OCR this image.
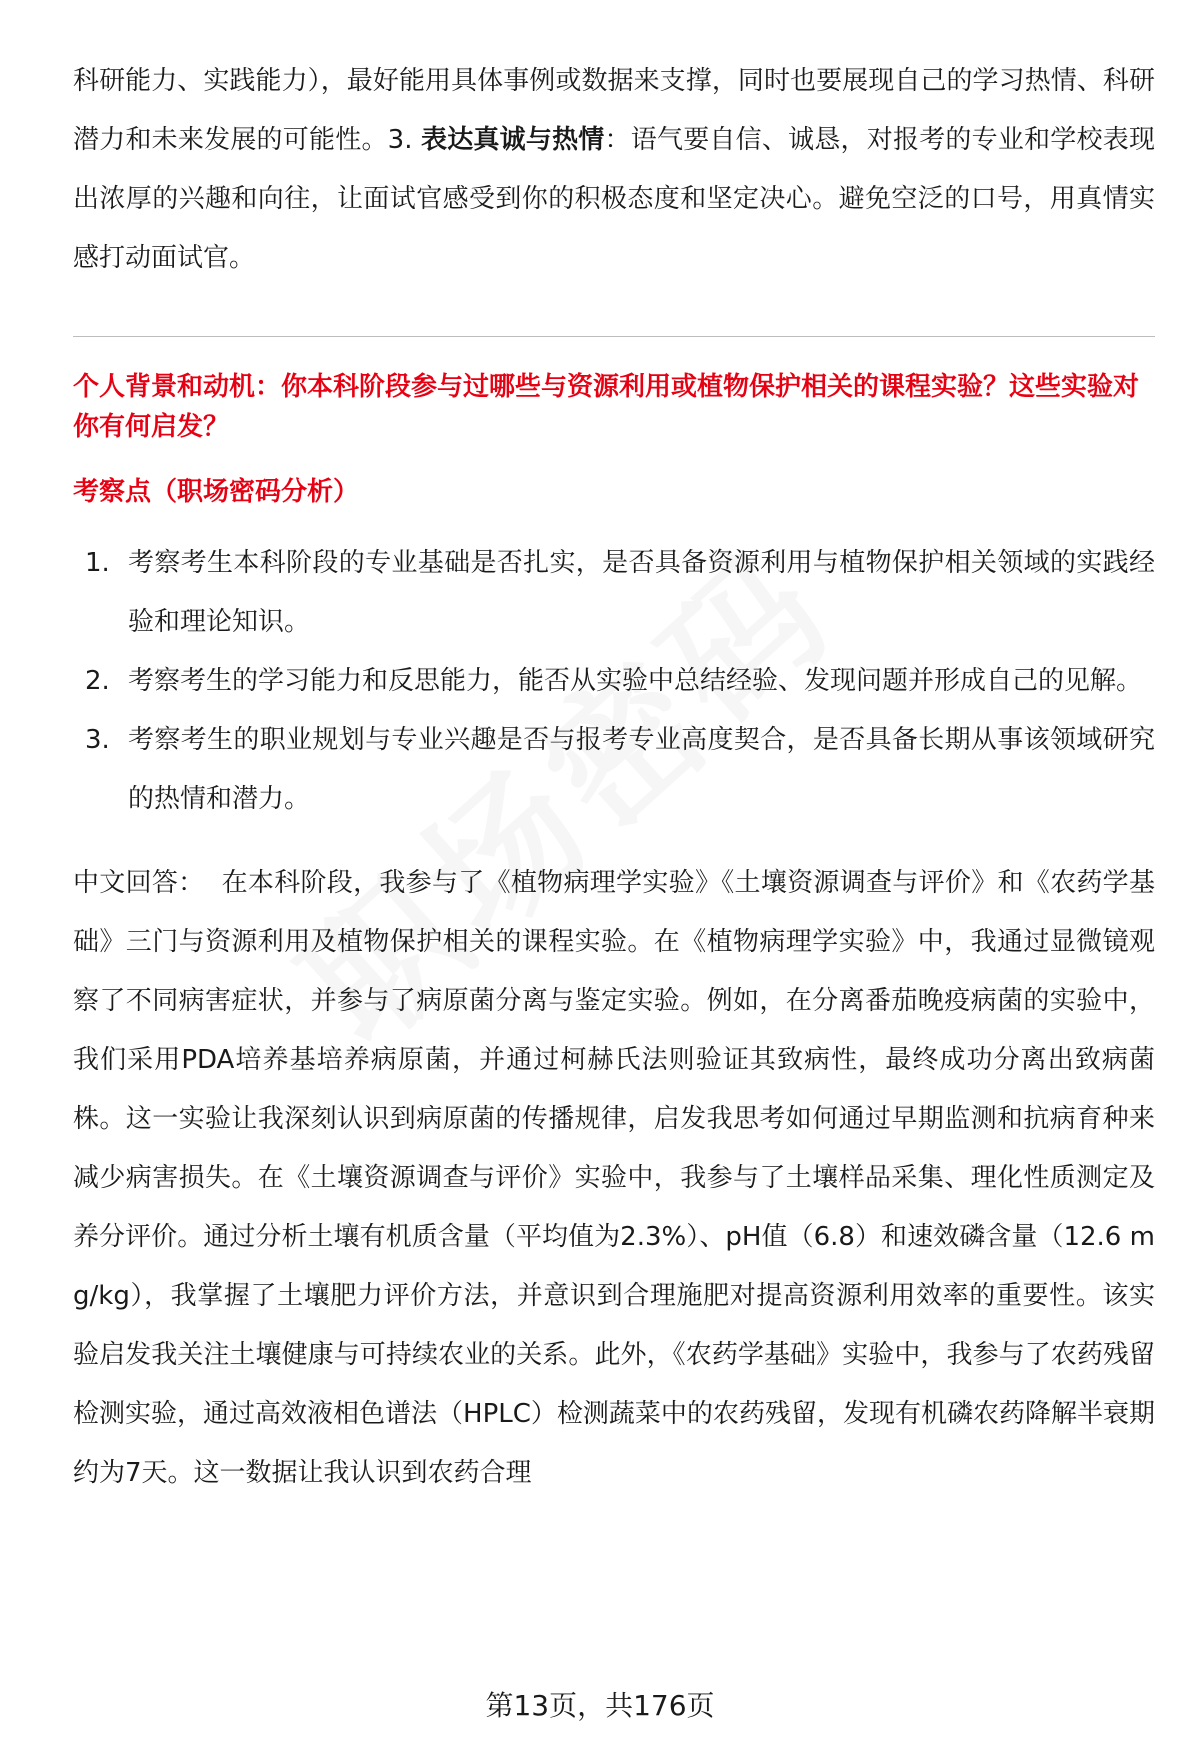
科研能力、实践能力），最好能用具体事例或数据来支撑，同时也要展现自己的学习热情、科研潜力和未来发展的可能性。3. 表达真诚与热情：语气要自信、诚恳，对报考的专业和学校表现出浓厚的兴趣和向往，让面试官感受到你的积极态度和坚定决心。避免空泛的口号，用真情实感打动面试官。

个人背景和动机：你本科阶段参与过哪些与资源利用或植物保护相关的课程实验？这些实验对你有何启发？

考察点（职场密码分析）

1. 考察考生本科阶段的专业基础是否扎实，是否具备资源利用与植物保护相关领域的实践经验和理论知识。
2. 考察考生的学习能力和反思能力，能否从实验中总结经验、发现问题并形成自己的见解。
3. 考察考生的职业规划与专业兴趣是否与报考专业高度契合，是否具备长期从事该领域研究的热情和潜力。

中文回答： 在本科阶段，我参与了《植物病理学实验》《土壤资源调查与评价》和《农药学基础》三门与资源利用及植物保护相关的课程实验。在《植物病理学实验》中，我通过显微镜观察了不同病害症状，并参与了病原菌分离与鉴定实验。例如，在分离番茄晚疫病菌的实验中，我们采用PDA培养基培养病原菌，并通过柯赫氏法则验证其致病性，最终成功分离出致病菌株。这一实验让我深刻认识到病原菌的传播规律，启发我思考如何通过早期监测和抗病育种来减少病害损失。在《土壤资源调查与评价》实验中，我参与了土壤样品采集、理化性质测定及养分评价。通过分析土壤有机质含量（平均值为2.3%）、pH值（6.8）和速效磷含量（12.6 mg/kg），我掌握了土壤肥力评价方法，并意识到合理施肥对提高资源利用效率的重要性。该实验启发我关注土壤健康与可持续农业的关系。此外，《农药学基础》实验中，我参与了农药残留检测实验，通过高效液相色谱法（HPLC）检测蔬菜中的农药残留，发现有机磷农药降解半衰期约为7天。这一数据让我认识到农药合理

第13页，共176页
